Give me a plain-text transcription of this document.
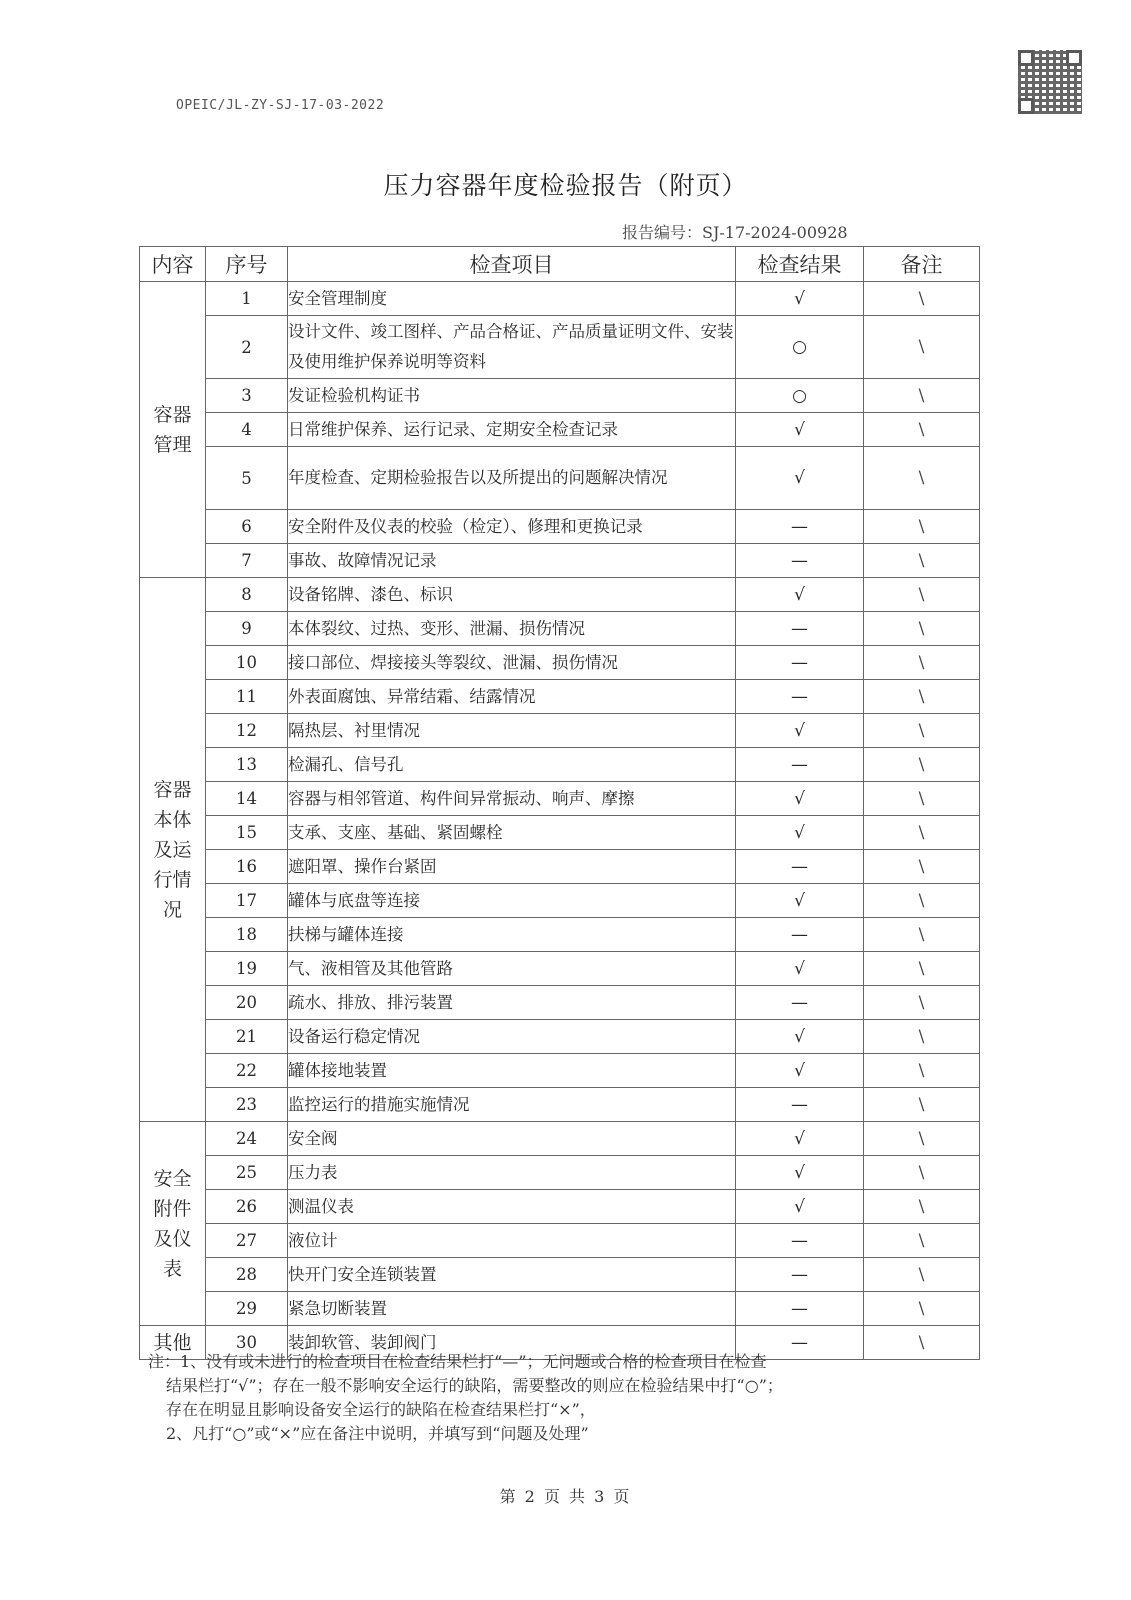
OPEIC/JL-ZY-SJ-17-03-2022
压力容器年度检验报告（附页）
报告编号：SJ-17-2024-00928
内容	序号	检查项目	检查结果	备注
容器
管理	1	安全管理制度	√	\
	2	设计文件、竣工图样、产品合格证、产品质量证明文件、安装及使用维护保养说明等资料	○	\
	3	发证检验机构证书	○	\
	4	日常维护保养、运行记录、定期安全检查记录	√	\
	5	年度检查、定期检验报告以及所提出的问题解决情况	√	\
	6	安全附件及仪表的校验（检定）、修理和更换记录	—	\
	7	事故、故障情况记录	—	\
容器
本体
及运
行情
况	8	设备铭牌、漆色、标识	√	\
	9	本体裂纹、过热、变形、泄漏、损伤情况	—	\
	10	接口部位、焊接接头等裂纹、泄漏、损伤情况	—	\
	11	外表面腐蚀、异常结霜、结露情况	—	\
	12	隔热层、衬里情况	√	\
	13	检漏孔、信号孔	—	\
	14	容器与相邻管道、构件间异常振动、响声、摩擦	√	\
	15	支承、支座、基础、紧固螺栓	√	\
	16	遮阳罩、操作台紧固	—	\
	17	罐体与底盘等连接	√	\
	18	扶梯与罐体连接	—	\
	19	气、液相管及其他管路	√	\
	20	疏水、排放、排污装置	—	\
	21	设备运行稳定情况	√	\
	22	罐体接地装置	√	\
	23	监控运行的措施实施情况	—	\
安全
附件
及仪
表	24	安全阀	√	\
	25	压力表	√	\
	26	测温仪表	√	\
	27	液位计	—	\
	28	快开门安全连锁装置	—	\
	29	紧急切断装置	—	\
其他	30	装卸软管、装卸阀门	—	\

注：1、没有或未进行的检查项目在检查结果栏打“—”；无问题或合格的检查项目在检查

结果栏打“√”；存在一般不影响安全运行的缺陷，需要整改的则应在检验结果中打“○”；

存在在明显且影响设备安全运行的缺陷在检查结果栏打“×”，

2、凡打“○”或“×”应在备注中说明，并填写到“问题及处理”

第 2 页 共 3 页
